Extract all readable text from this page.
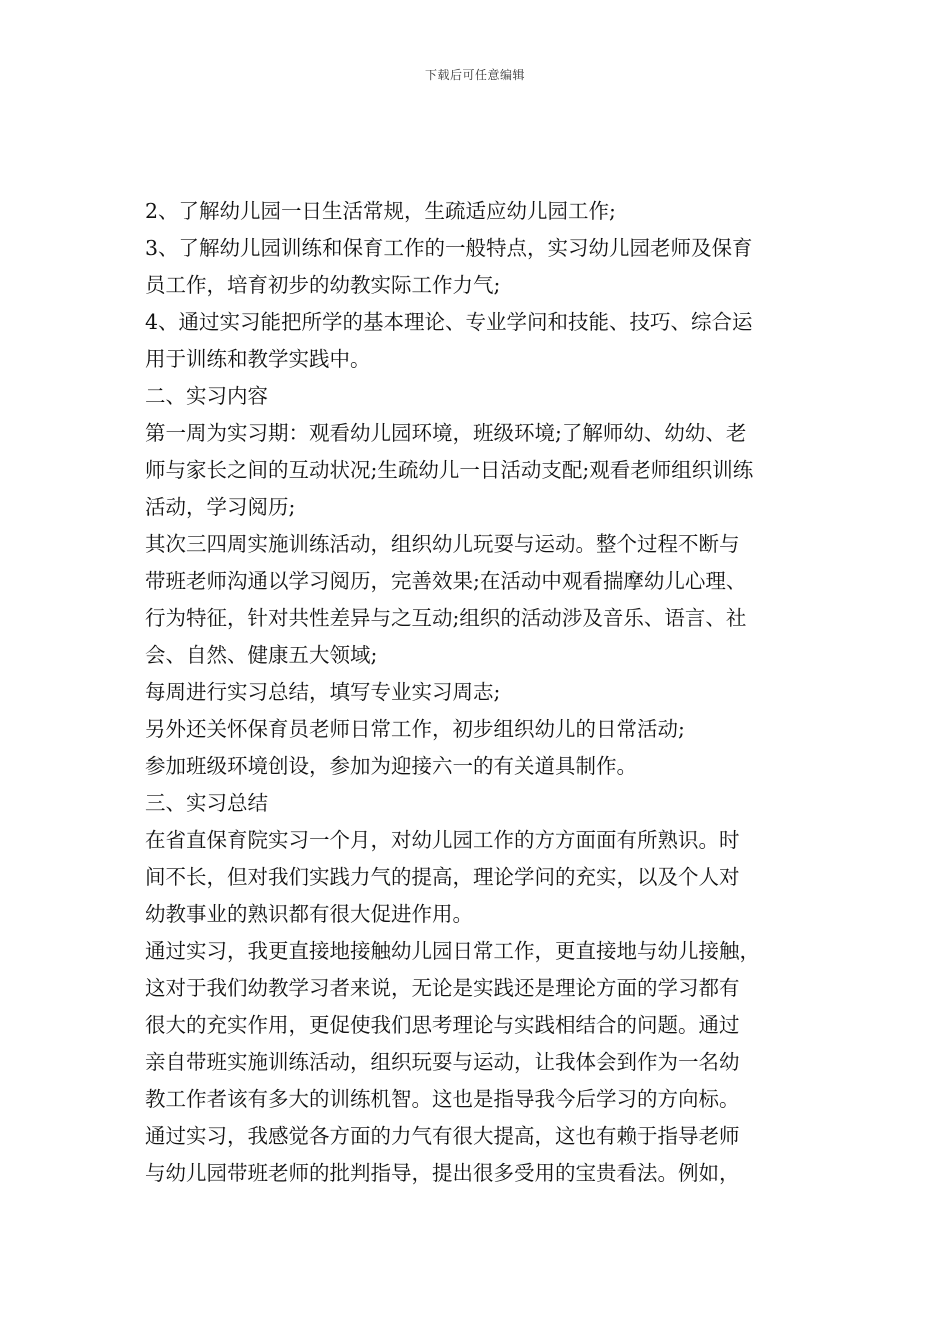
下载后可任意编辑

2、了解幼儿园一日生活常规，生疏适应幼儿园工作;

3、了解幼儿园训练和保育工作的一般特点，实习幼儿园老师及保育
员工作，培育初步的幼教实际工作力气;

4、通过实习能把所学的基本理论、专业学问和技能、技巧、综合运
用于训练和教学实践中。

二、实习内容

第一周为实习期：观看幼儿园环境，班级环境;了解师幼、幼幼、老
师与家长之间的互动状况;生疏幼儿一日活动支配;观看老师组织训练
活动，学习阅历;

其次三四周实施训练活动，组织幼儿玩耍与运动。整个过程不断与
带班老师沟通以学习阅历，完善效果;在活动中观看揣摩幼儿心理、
行为特征，针对共性差异与之互动;组织的活动涉及音乐、语言、社
会、自然、健康五大领域;

每周进行实习总结，填写专业实习周志;

另外还关怀保育员老师日常工作，初步组织幼儿的日常活动;

参加班级环境创设，参加为迎接六一的有关道具制作。

三、实习总结

在省直保育院实习一个月，对幼儿园工作的方方面面有所熟识。时
间不长，但对我们实践力气的提高，理论学问的充实，以及个人对
幼教事业的熟识都有很大促进作用。

通过实习，我更直接地接触幼儿园日常工作，更直接地与幼儿接触，
这对于我们幼教学习者来说，无论是实践还是理论方面的学习都有
很大的充实作用，更促使我们思考理论与实践相结合的问题。通过
亲自带班实施训练活动，组织玩耍与运动，让我体会到作为一名幼
教工作者该有多大的训练机智。这也是指导我今后学习的方向标。

通过实习，我感觉各方面的力气有很大提高，这也有赖于指导老师
与幼儿园带班老师的批判指导，提出很多受用的宝贵看法。例如，
